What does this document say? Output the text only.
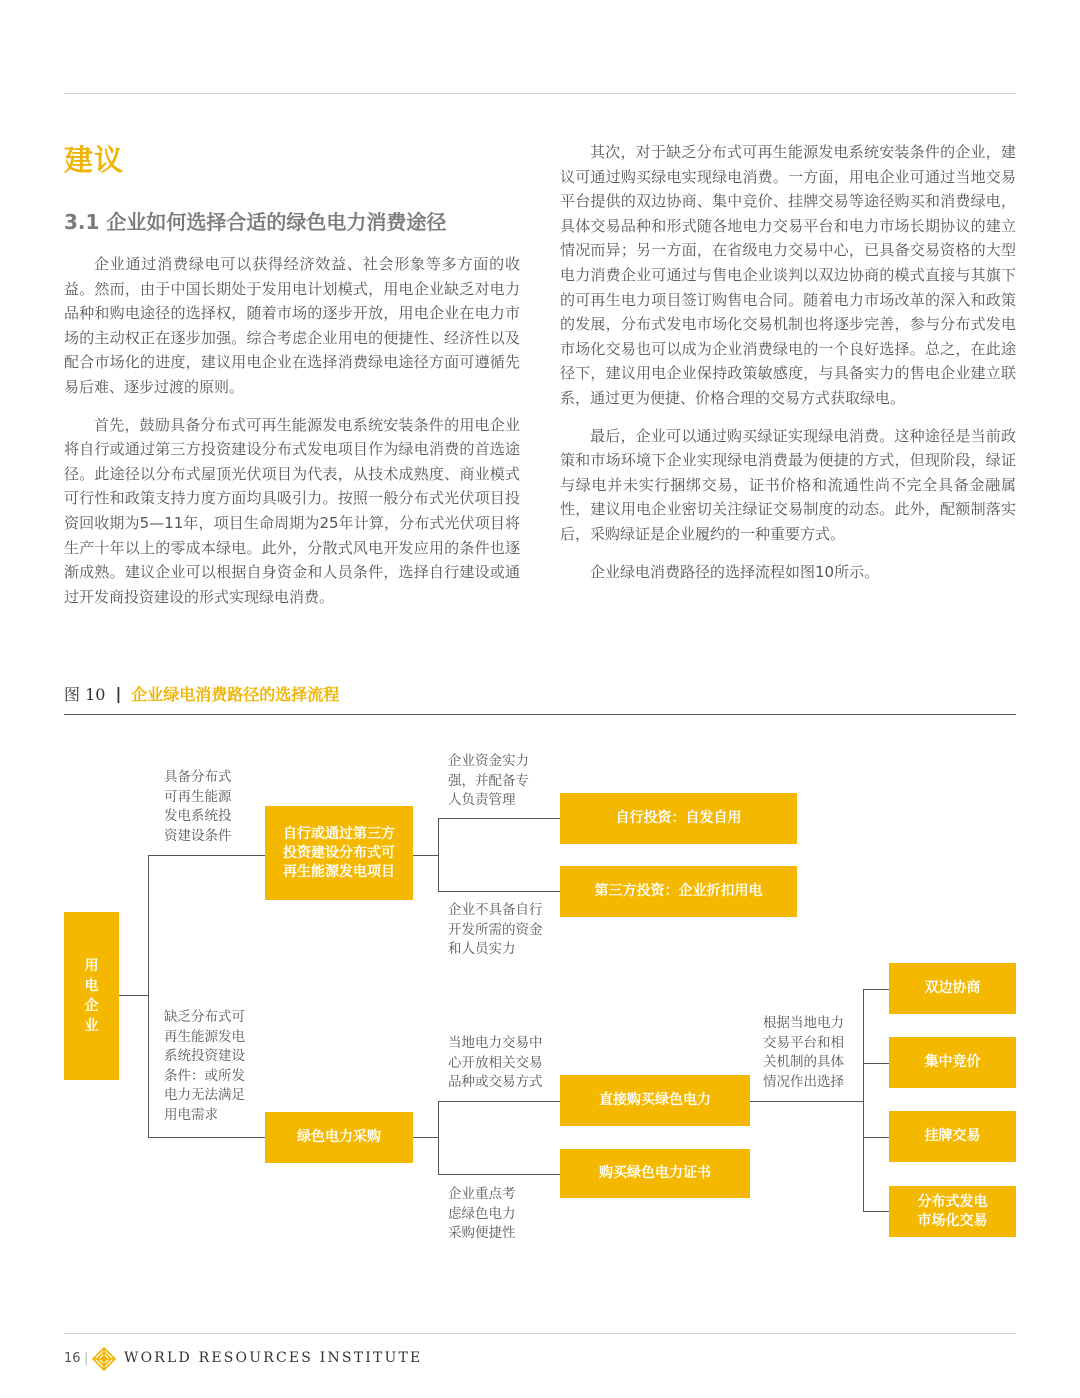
建议
3.1 企业如何选择合适的绿色电力消费途径

企业通过消费绿电可以获得经济效益、社会形象等多方面的收益。然而，由于中国长期处于发用电计划模式，用电企业缺乏对电力品种和购电途径的选择权，随着市场的逐步开放，用电企业在电力市场的主动权正在逐步加强。综合考虑企业用电的便捷性、经济性以及配合市场化的进度，建议用电企业在选择消费绿电途径方面可遵循先易后难、逐步过渡的原则。

首先，鼓励具备分布式可再生能源发电系统安装条件的用电企业将自行或通过第三方投资建设分布式发电项目作为绿电消费的首选途径。此途径以分布式屋顶光伏项目为代表，从技术成熟度、商业模式可行性和政策支持力度方面均具吸引力。按照一般分布式光伏项目投资回收期为5—11年，项目生命周期为25年计算，分布式光伏项目将生产十年以上的零成本绿电。此外，分散式风电开发应用的条件也逐渐成熟。建议企业可以根据自身资金和人员条件，选择自行建设或通过开发商投资建设的形式实现绿电消费。

其次，对于缺乏分布式可再生能源发电系统安装条件的企业，建议可通过购买绿电实现绿电消费。一方面，用电企业可通过当地交易平台提供的双边协商、集中竞价、挂牌交易等途径购买和消费绿电，具体交易品种和形式随各地电力交易平台和电力市场长期协议的建立情况而异；另一方面，在省级电力交易中心，已具备交易资格的大型电力消费企业可通过与售电企业谈判以双边协商的模式直接与其旗下的可再生电力项目签订购售电合同。随着电力市场改革的深入和政策的发展，分布式发电市场化交易机制也将逐步完善，参与分布式发电市场化交易也可以成为企业消费绿电的一个良好选择。总之，在此途径下，建议用电企业保持政策敏感度，与具备实力的售电企业建立联系，通过更为便捷、价格合理的交易方式获取绿电。

最后，企业可以通过购买绿证实现绿电消费。这种途径是当前政策和市场环境下企业实现绿电消费最为便捷的方式，但现阶段，绿证与绿电并未实行捆绑交易，证书价格和流通性尚不完全具备金融属性，建议用电企业密切关注绿证交易制度的动态。此外，配额制落实后，采购绿证是企业履约的一种重要方式。

企业绿电消费路径的选择流程如图10所示。

图 10 | 企业绿电消费路径的选择流程
用电企业
具备分布式
可再生能源
发电系统投
资建设条件
缺乏分布式可
再生能源发电
系统投资建设
条件：或所发
电力无法满足
用电需求
自行或通过第三方
投资建设分布式可
再生能源发电项目
绿色电力采购
企业资金实力
强，并配备专
人负责管理
企业不具备自行
开发所需的资金
和人员实力
自行投资：自发自用
第三方投资：企业折扣用电
当地电力交易中
心开放相关交易
品种或交易方式
企业重点考
虑绿色电力
采购便捷性
直接购买绿色电力
购买绿色电力证书
根据当地电力
交易平台和相
关机制的具体
情况作出选择
双边协商
集中竞价
挂牌交易
分布式发电
市场化交易
16 |	WORLD RESOURCES INSTITUTE
